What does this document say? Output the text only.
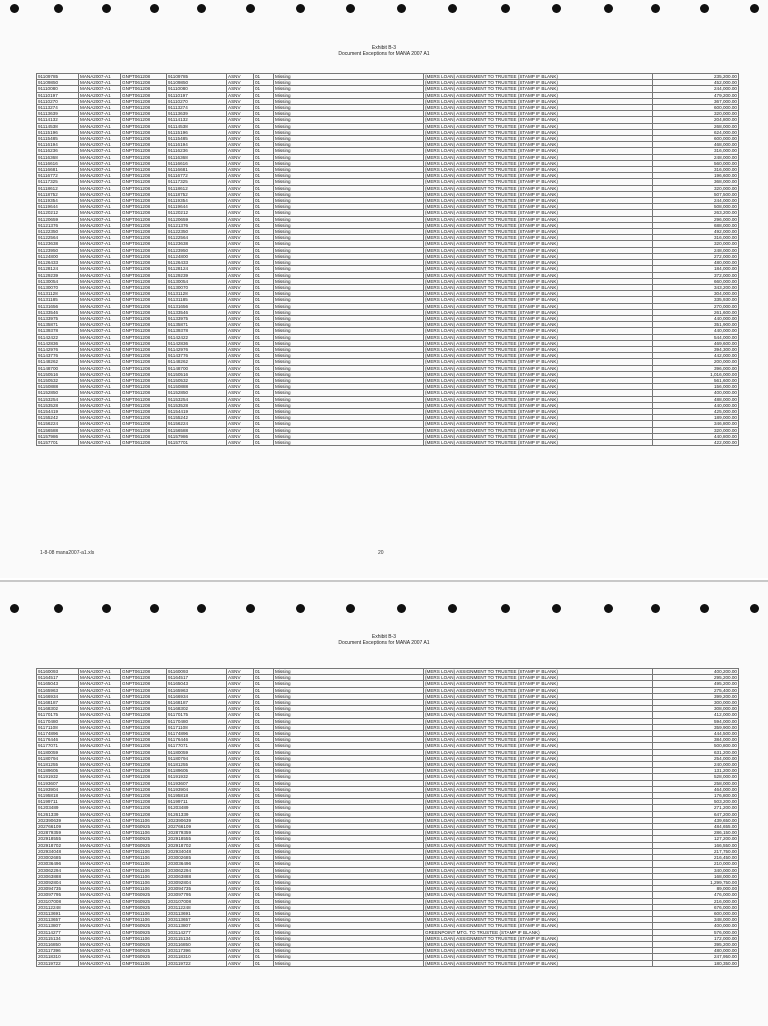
Exhibit B-3
Document Exceptions for MANA 2007 A1
91109785	MANA2007-A1	GNPT061208	91109785	ASNV	01	Missing	(MERS LOAN) ASSIGNMENT TO TRUSTEE (STAMP IF BLANK)	235,200.00
91109850	MANA2007-A1	GNPT061208	91109850	ASNV	01	Missing	(MERS LOAN) ASSIGNMENT TO TRUSTEE (STAMP IF BLANK)	452,000.00
91110080	MANA2007-A1	GNPT061208	91110080	ASNV	01	Missing	(MERS LOAN) ASSIGNMENT TO TRUSTEE (STAMP IF BLANK)	244,000.00
91110197	MANA2007-A1	GNPT061208	91110197	ASNV	01	Missing	(MERS LOAN) ASSIGNMENT TO TRUSTEE (STAMP IF BLANK)	479,200.00
91110270	MANA2007-A1	GNPT061208	91110270	ASNV	01	Missing	(MERS LOAN) ASSIGNMENT TO TRUSTEE (STAMP IF BLANK)	367,000.00
91113274	MANA2007-A1	GNPT061208	91113274	ASNV	01	Missing	(MERS LOAN) ASSIGNMENT TO TRUSTEE (STAMP IF BLANK)	600,000.00
91113639	MANA2007-A1	GNPT061208	91113639	ASNV	01	Missing	(MERS LOAN) ASSIGNMENT TO TRUSTEE (STAMP IF BLANK)	320,000.00
91114132	MANA2007-A1	GNPT061208	91114132	ASNV	01	Missing	(MERS LOAN) ASSIGNMENT TO TRUSTEE (STAMP IF BLANK)	204,800.00
91114538	MANA2007-A1	GNPT061208	91114538	ASNV	01	Missing	(MERS LOAN) ASSIGNMENT TO TRUSTEE (STAMP IF BLANK)	268,000.00
91115196	MANA2007-A1	GNPT061208	91115196	ASNV	01	Missing	(MERS LOAN) ASSIGNMENT TO TRUSTEE (STAMP IF BLANK)	624,000.00
91115485	MANA2007-A1	GNPT061208	91115485	ASNV	01	Missing	(MERS LOAN) ASSIGNMENT TO TRUSTEE (STAMP IF BLANK)	600,000.00
91116194	MANA2007-A1	GNPT061208	91116194	ASNV	01	Missing	(MERS LOAN) ASSIGNMENT TO TRUSTEE (STAMP IF BLANK)	468,000.00
91116236	MANA2007-A1	GNPT061208	91116236	ASNV	01	Missing	(MERS LOAN) ASSIGNMENT TO TRUSTEE (STAMP IF BLANK)	316,000.00
91116368	MANA2007-A1	GNPT061208	91116368	ASNV	01	Missing	(MERS LOAN) ASSIGNMENT TO TRUSTEE (STAMP IF BLANK)	248,000.00
91116616	MANA2007-A1	GNPT061208	91116616	ASNV	01	Missing	(MERS LOAN) ASSIGNMENT TO TRUSTEE (STAMP IF BLANK)	560,000.00
91116681	MANA2007-A1	GNPT061208	91116681	ASNV	01	Missing	(MERS LOAN) ASSIGNMENT TO TRUSTEE (STAMP IF BLANK)	316,000.00
91116772	MANA2007-A1	GNPT061208	91116772	ASNV	01	Missing	(MERS LOAN) ASSIGNMENT TO TRUSTEE (STAMP IF BLANK)	196,600.00
91117325	MANA2007-A1	GNPT061208	91117325	ASNV	01	Missing	(MERS LOAN) ASSIGNMENT TO TRUSTEE (STAMP IF BLANK)	368,000.00
91118612	MANA2007-A1	GNPT061208	91118612	ASNV	01	Missing	(MERS LOAN) ASSIGNMENT TO TRUSTEE (STAMP IF BLANK)	320,000.00
91118752	MANA2007-A1	GNPT061208	91118752	ASNV	01	Missing	(MERS LOAN) ASSIGNMENT TO TRUSTEE (STAMP IF BLANK)	507,500.00
91119354	MANA2007-A1	GNPT061208	91119354	ASNV	01	Missing	(MERS LOAN) ASSIGNMENT TO TRUSTEE (STAMP IF BLANK)	244,000.00
91119644	MANA2007-A1	GNPT061208	91119644	ASNV	01	Missing	(MERS LOAN) ASSIGNMENT TO TRUSTEE (STAMP IF BLANK)	508,000.00
91120212	MANA2007-A1	GNPT061208	91120212	ASNV	01	Missing	(MERS LOAN) ASSIGNMENT TO TRUSTEE (STAMP IF BLANK)	263,200.00
91120659	MANA2007-A1	GNPT061208	91120659	ASNV	01	Missing	(MERS LOAN) ASSIGNMENT TO TRUSTEE (STAMP IF BLANK)	296,000.00
91121376	MANA2007-A1	GNPT061208	91121376	ASNV	01	Missing	(MERS LOAN) ASSIGNMENT TO TRUSTEE (STAMP IF BLANK)	688,000.00
91122350	MANA2007-A1	GNPT061208	91122350	ASNV	01	Missing	(MERS LOAN) ASSIGNMENT TO TRUSTEE (STAMP IF BLANK)	492,000.00
91122564	MANA2007-A1	GNPT061208	91122564	ASNV	01	Missing	(MERS LOAN) ASSIGNMENT TO TRUSTEE (STAMP IF BLANK)	316,000.00
91123638	MANA2007-A1	GNPT061208	91123638	ASNV	01	Missing	(MERS LOAN) ASSIGNMENT TO TRUSTEE (STAMP IF BLANK)	320,000.00
91123950	MANA2007-A1	GNPT061208	91123950	ASNV	01	Missing	(MERS LOAN) ASSIGNMENT TO TRUSTEE (STAMP IF BLANK)	248,000.00
91124800	MANA2007-A1	GNPT061208	91124800	ASNV	01	Missing	(MERS LOAN) ASSIGNMENT TO TRUSTEE (STAMP IF BLANK)	272,000.00
91126433	MANA2007-A1	GNPT061208	91126433	ASNV	01	Missing	(MERS LOAN) ASSIGNMENT TO TRUSTEE (STAMP IF BLANK)	480,000.00
91128124	MANA2007-A1	GNPT061208	91128124	ASNV	01	Missing	(MERS LOAN) ASSIGNMENT TO TRUSTEE (STAMP IF BLANK)	184,000.00
91129239	MANA2007-A1	GNPT061208	91129239	ASNV	01	Missing	(MERS LOAN) ASSIGNMENT TO TRUSTEE (STAMP IF BLANK)	372,000.00
91130054	MANA2007-A1	GNPT061208	91130054	ASNV	01	Missing	(MERS LOAN) ASSIGNMENT TO TRUSTEE (STAMP IF BLANK)	660,000.00
91130070	MANA2007-A1	GNPT061208	91130070	ASNV	01	Missing	(MERS LOAN) ASSIGNMENT TO TRUSTEE (STAMP IF BLANK)	343,200.00
91131128	MANA2007-A1	GNPT061208	91131128	ASNV	01	Missing	(MERS LOAN) ASSIGNMENT TO TRUSTEE (STAMP IF BLANK)	304,000.00
91131185	MANA2007-A1	GNPT061208	91131185	ASNV	01	Missing	(MERS LOAN) ASSIGNMENT TO TRUSTEE (STAMP IF BLANK)	335,930.00
91131656	MANA2007-A1	GNPT061208	91131656	ASNV	01	Missing	(MERS LOAN) ASSIGNMENT TO TRUSTEE (STAMP IF BLANK)	270,000.00
91133546	MANA2007-A1	GNPT061208	91133546	ASNV	01	Missing	(MERS LOAN) ASSIGNMENT TO TRUSTEE (STAMP IF BLANK)	261,600.00
91133975	MANA2007-A1	GNPT061208	91133975	ASNV	01	Missing	(MERS LOAN) ASSIGNMENT TO TRUSTEE (STAMP IF BLANK)	440,000.00
91135871	MANA2007-A1	GNPT061208	91135871	ASNV	01	Missing	(MERS LOAN) ASSIGNMENT TO TRUSTEE (STAMP IF BLANK)	351,900.00
91139378	MANA2007-A1	GNPT061208	91139378	ASNV	01	Missing	(MERS LOAN) ASSIGNMENT TO TRUSTEE (STAMP IF BLANK)	440,000.00
91142422	MANA2007-A1	GNPT061208	91142422	ASNV	01	Missing	(MERS LOAN) ASSIGNMENT TO TRUSTEE (STAMP IF BLANK)	544,000.00
91142836	MANA2007-A1	GNPT061208	91142836	ASNV	01	Missing	(MERS LOAN) ASSIGNMENT TO TRUSTEE (STAMP IF BLANK)	469,600.00
91142976	MANA2007-A1	GNPT061208	91142976	ASNV	01	Missing	(MERS LOAN) ASSIGNMENT TO TRUSTEE (STAMP IF BLANK)	394,300.00
91143776	MANA2007-A1	GNPT061208	91143776	ASNV	01	Missing	(MERS LOAN) ASSIGNMENT TO TRUSTEE (STAMP IF BLANK)	442,000.00
91148262	MANA2007-A1	GNPT061208	91148262	ASNV	01	Missing	(MERS LOAN) ASSIGNMENT TO TRUSTEE (STAMP IF BLANK)	200,000.00
91148700	MANA2007-A1	GNPT061208	91148700	ASNV	01	Missing	(MERS LOAN) ASSIGNMENT TO TRUSTEE (STAMP IF BLANK)	396,000.00
91150516	MANA2007-A1	GNPT061208	91150516	ASNV	01	Missing	(MERS LOAN) ASSIGNMENT TO TRUSTEE (STAMP IF BLANK)	1,016,000.00
91150532	MANA2007-A1	GNPT061208	91150532	ASNV	01	Missing	(MERS LOAN) ASSIGNMENT TO TRUSTEE (STAMP IF BLANK)	561,600.00
91150888	MANA2007-A1	GNPT061208	91150888	ASNV	01	Missing	(MERS LOAN) ASSIGNMENT TO TRUSTEE (STAMP IF BLANK)	156,000.00
91152850	MANA2007-A1	GNPT061208	91152850	ASNV	01	Missing	(MERS LOAN) ASSIGNMENT TO TRUSTEE (STAMP IF BLANK)	400,000.00
91153254	MANA2007-A1	GNPT061208	91153254	ASNV	01	Missing	(MERS LOAN) ASSIGNMENT TO TRUSTEE (STAMP IF BLANK)	488,000.00
91153528	MANA2007-A1	GNPT061208	91153528	ASNV	01	Missing	(MERS LOAN) ASSIGNMENT TO TRUSTEE (STAMP IF BLANK)	440,000.00
91154419	MANA2007-A1	GNPT061208	91154419	ASNV	01	Missing	(MERS LOAN) ASSIGNMENT TO TRUSTEE (STAMP IF BLANK)	425,000.00
91155242	MANA2007-A1	GNPT061208	91155242	ASNV	01	Missing	(MERS LOAN) ASSIGNMENT TO TRUSTEE (STAMP IF BLANK)	189,000.00
91156224	MANA2007-A1	GNPT061208	91156224	ASNV	01	Missing	(MERS LOAN) ASSIGNMENT TO TRUSTEE (STAMP IF BLANK)	346,800.00
91156588	MANA2007-A1	GNPT061208	91156588	ASNV	01	Missing	(MERS LOAN) ASSIGNMENT TO TRUSTEE (STAMP IF BLANK)	320,000.00
91157986	MANA2007-A1	GNPT061208	91157986	ASNV	01	Missing	(MERS LOAN) ASSIGNMENT TO TRUSTEE (STAMP IF BLANK)	440,800.00
91157701	MANA2007-A1	GNPT061208	91157701	ASNV	01	Missing	(MERS LOAN) ASSIGNMENT TO TRUSTEE (STAMP IF BLANK)	422,000.00
1-8-08 mana2007-a1.xls	20
Exhibit B-3
Document Exceptions for MANA 2007 A1
91160093	MANA2007-A1	GNPT061208	91160093	ASNV	01	Missing	(MERS LOAN) ASSIGNMENT TO TRUSTEE (STAMP IF BLANK)	400,200.00
91164517	MANA2007-A1	GNPT061208	91164517	ASNV	01	Missing	(MERS LOAN) ASSIGNMENT TO TRUSTEE (STAMP IF BLANK)	295,200.00
91165043	MANA2007-A1	GNPT061208	91165043	ASNV	01	Missing	(MERS LOAN) ASSIGNMENT TO TRUSTEE (STAMP IF BLANK)	495,200.00
91165963	MANA2007-A1	GNPT061208	91165963	ASNV	01	Missing	(MERS LOAN) ASSIGNMENT TO TRUSTEE (STAMP IF BLANK)	275,400.00
91166934	MANA2007-A1	GNPT061208	91166934	ASNV	01	Missing	(MERS LOAN) ASSIGNMENT TO TRUSTEE (STAMP IF BLANK)	399,200.00
91168187	MANA2007-A1	GNPT061208	91168187	ASNV	01	Missing	(MERS LOAN) ASSIGNMENT TO TRUSTEE (STAMP IF BLANK)	300,000.00
91168302	MANA2007-A1	GNPT061208	91168302	ASNV	01	Missing	(MERS LOAN) ASSIGNMENT TO TRUSTEE (STAMP IF BLANK)	308,000.00
91170175	MANA2007-A1	GNPT061208	91170175	ASNV	01	Missing	(MERS LOAN) ASSIGNMENT TO TRUSTEE (STAMP IF BLANK)	412,000.00
91170480	MANA2007-A1	GNPT061208	91170480	ASNV	01	Missing	(MERS LOAN) ASSIGNMENT TO TRUSTEE (STAMP IF BLANK)	594,000.00
91171108	MANA2007-A1	GNPT061208	91171108	ASNV	01	Missing	(MERS LOAN) ASSIGNMENT TO TRUSTEE (STAMP IF BLANK)	359,900.00
91174896	MANA2007-A1	GNPT061208	91174896	ASNV	01	Missing	(MERS LOAN) ASSIGNMENT TO TRUSTEE (STAMP IF BLANK)	444,500.00
91176446	MANA2007-A1	GNPT061208	91176446	ASNV	01	Missing	(MERS LOAN) ASSIGNMENT TO TRUSTEE (STAMP IF BLANK)	384,000.00
91177071	MANA2007-A1	GNPT061208	91177071	ASNV	01	Missing	(MERS LOAN) ASSIGNMENT TO TRUSTEE (STAMP IF BLANK)	500,800.00
91180059	MANA2007-A1	GNPT061208	91180059	ASNV	01	Missing	(MERS LOAN) ASSIGNMENT TO TRUSTEE (STAMP IF BLANK)	631,200.00
91180794	MANA2007-A1	GNPT061208	91180794	ASNV	01	Missing	(MERS LOAN) ASSIGNMENT TO TRUSTEE (STAMP IF BLANK)	254,000.00
91181255	MANA2007-A1	GNPT061208	91181255	ASNV	01	Missing	(MERS LOAN) ASSIGNMENT TO TRUSTEE (STAMP IF BLANK)	240,000.00
91189605	MANA2007-A1	GNPT061208	91189605	ASNV	01	Missing	(MERS LOAN) ASSIGNMENT TO TRUSTEE (STAMP IF BLANK)	131,200.00
91191932	MANA2007-A1	GNPT061208	91191932	ASNV	01	Missing	(MERS LOAN) ASSIGNMENT TO TRUSTEE (STAMP IF BLANK)	528,000.00
91193607	MANA2007-A1	GNPT061208	91193607	ASNV	01	Missing	(MERS LOAN) ASSIGNMENT TO TRUSTEE (STAMP IF BLANK)	258,000.00
91193904	MANA2007-A1	GNPT061208	91193904	ASNV	01	Missing	(MERS LOAN) ASSIGNMENT TO TRUSTEE (STAMP IF BLANK)	464,000.00
91195818	MANA2007-A1	GNPT061208	91195818	ASNV	01	Missing	(MERS LOAN) ASSIGNMENT TO TRUSTEE (STAMP IF BLANK)	176,800.00
91199711	MANA2007-A1	GNPT061208	91199711	ASNV	01	Missing	(MERS LOAN) ASSIGNMENT TO TRUSTEE (STAMP IF BLANK)	503,200.00
91203489	MANA2007-A1	GNPT061208	91203489	ASNV	01	Missing	(MERS LOAN) ASSIGNMENT TO TRUSTEE (STAMP IF BLANK)	271,200.00
91261339	MANA2007-A1	GNPT061208	91261339	ASNV	01	Missing	(MERS LOAN) ASSIGNMENT TO TRUSTEE (STAMP IF BLANK)	647,200.00
202390639	MANA2007-A1	GNPT061106	202390639	ASNV	01	Missing	(MERS LOAN) ASSIGNMENT TO TRUSTEE (STAMP IF BLANK)	439,650.00
202766109	MANA2007-A1	GNPT060925	202766109	ASNV	01	Missing	(MERS LOAN) ASSIGNMENT TO TRUSTEE (STAMP IF BLANK)	484,655.00
202879359	MANA2007-A1	GNPT061106	202879359	ASNV	01	Missing	(MERS LOAN) ASSIGNMENT TO TRUSTEE (STAMP IF BLANK)	286,150.00
202918555	MANA2007-A1	GNPT060925	202918555	ASNV	01	Missing	(MERS LOAN) ASSIGNMENT TO TRUSTEE (STAMP IF BLANK)	127,200.00
202918702	MANA2007-A1	GNPT060925	202918702	ASNV	01	Missing	(MERS LOAN) ASSIGNMENT TO TRUSTEE (STAMP IF BLANK)	166,550.00
202934048	MANA2007-A1	GNPT061106	202934048	ASNV	01	Missing	(MERS LOAN) ASSIGNMENT TO TRUSTEE (STAMP IF BLANK)	217,750.00
203002685	MANA2007-A1	GNPT061106	203002685	ASNV	01	Missing	(MERS LOAN) ASSIGNMENT TO TRUSTEE (STAMP IF BLANK)	216,450.00
203036496	MANA2007-A1	GNPT061106	203036496	ASNV	01	Missing	(MERS LOAN) ASSIGNMENT TO TRUSTEE (STAMP IF BLANK)	210,000.00
203062294	MANA2007-A1	GNPT061106	203062294	ASNV	01	Missing	(MERS LOAN) ASSIGNMENT TO TRUSTEE (STAMP IF BLANK)	340,000.00
203063888	MANA2007-A1	GNPT061106	203063888	ASNV	01	Missing	(MERS LOAN) ASSIGNMENT TO TRUSTEE (STAMP IF BLANK)	168,000.00
203092804	MANA2007-A1	GNPT061106	203092804	ASNV	01	Missing	(MERS LOAN) ASSIGNMENT TO TRUSTEE (STAMP IF BLANK)	1,299,750.00
203094735	MANA2007-A1	GNPT061106	203094735	ASNV	01	Missing	(MERS LOAN) ASSIGNMENT TO TRUSTEE (STAMP IF BLANK)	89,000.00
203097795	MANA2007-A1	GNPT060925	203097795	ASNV	01	Missing	(MERS LOAN) ASSIGNMENT TO TRUSTEE (STAMP IF BLANK)	476,000.00
203107008	MANA2007-A1	GNPT060925	203107008	ASNV	01	Missing	(MERS LOAN) ASSIGNMENT TO TRUSTEE (STAMP IF BLANK)	216,000.00
203112248	MANA2007-A1	GNPT060925	203112248	ASNV	01	Missing	(MERS LOAN) ASSIGNMENT TO TRUSTEE (STAMP IF BLANK)	676,000.00
203113691	MANA2007-A1	GNPT061106	203113691	ASNV	01	Missing	(MERS LOAN) ASSIGNMENT TO TRUSTEE (STAMP IF BLANK)	600,000.00
203113657	MANA2007-A1	GNPT061106	203113657	ASNV	01	Missing	(MERS LOAN) ASSIGNMENT TO TRUSTEE (STAMP IF BLANK)	348,000.00
203113807	MANA2007-A1	GNPT060925	203113807	ASNV	01	Missing	(MERS LOAN) ASSIGNMENT TO TRUSTEE (STAMP IF BLANK)	400,000.00
203114277	MANA2007-A1	GNPT060925	203114277	ASNV	01	Missing	GREENPOINT MTG. TO TRUSTEE (STAMP IF BLANK)	576,000.00
203115134	MANA2007-A1	GNPT061106	203115134	ASNV	01	Missing	(MERS LOAN) ASSIGNMENT TO TRUSTEE (STAMP IF BLANK)	172,000.00
203116850	MANA2007-A1	GNPT060925	203116850	ASNV	01	Missing	(MERS LOAN) ASSIGNMENT TO TRUSTEE (STAMP IF BLANK)	395,200.00
203117396	MANA2007-A1	GNPT060925	203117396	ASNV	01	Missing	(MERS LOAN) ASSIGNMENT TO TRUSTEE (STAMP IF BLANK)	480,000.00
203118310	MANA2007-A1	GNPT060925	203118310	ASNV	01	Missing	(MERS LOAN) ASSIGNMENT TO TRUSTEE (STAMP IF BLANK)	247,950.00
203119722	MANA2007-A1	GNPT061106	203119722	ASNV	01	Missing	(MERS LOAN) ASSIGNMENT TO TRUSTEE (STAMP IF BLANK)	180,350.00
